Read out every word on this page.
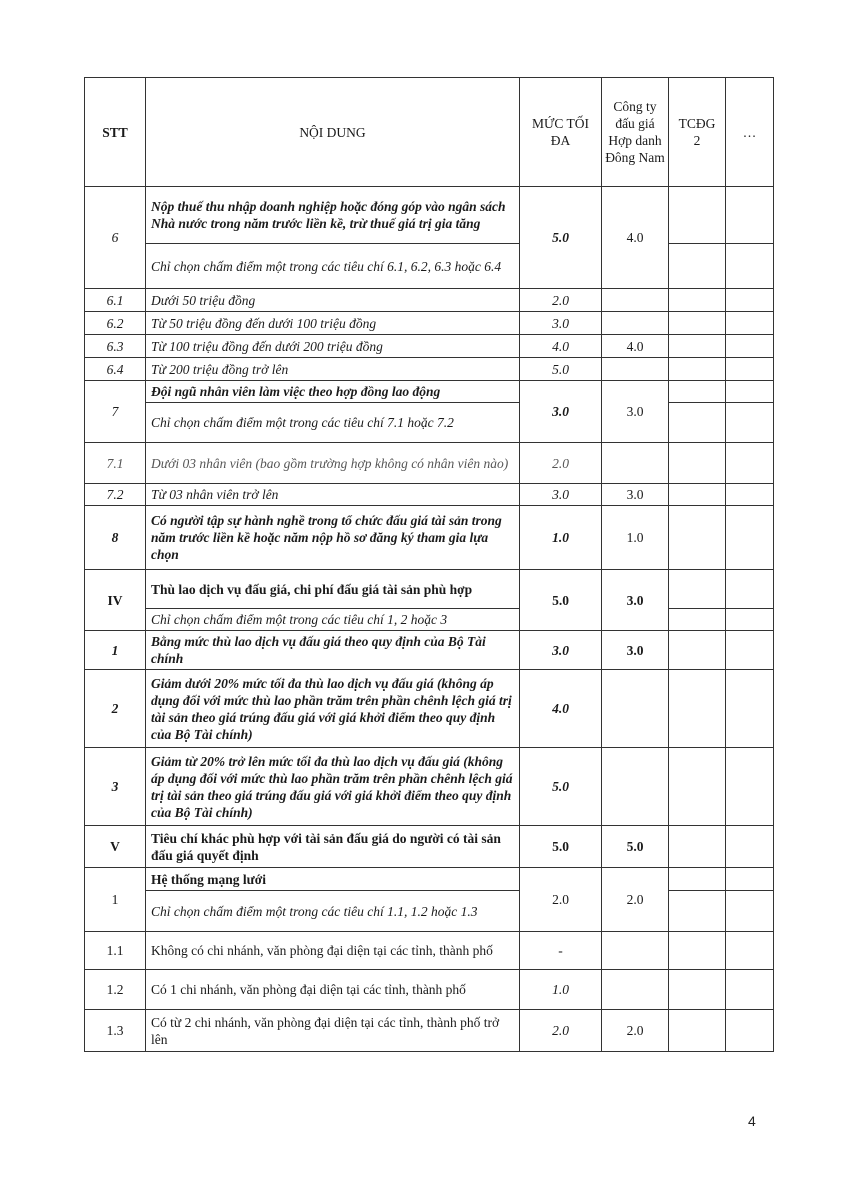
STT	NỘI DUNG	MỨC TỐI ĐA	Công ty đấu giá Hợp danh Đông Nam	TCĐG 2	…
6	Nộp thuế thu nhập doanh nghiệp hoặc đóng góp vào ngân sách Nhà nước trong năm trước liền kề, trừ thuế giá trị gia tăng	5.0	4.0		
	Chỉ chọn chấm điểm một trong các tiêu chí 6.1, 6.2, 6.3 hoặc 6.4				
6.1	Dưới 50 triệu đồng	2.0			
6.2	Từ 50 triệu đồng đến dưới 100 triệu đồng	3.0			
6.3	Từ 100 triệu đồng đến dưới 200 triệu đồng	4.0	4.0		
6.4	Từ 200 triệu đồng trở lên	5.0			
7	Đội ngũ nhân viên làm việc theo hợp đồng lao động	3.0	3.0		
	Chỉ chọn chấm điểm một trong các tiêu chí 7.1 hoặc 7.2				
7.1	Dưới 03 nhân viên (bao gồm trường hợp không có nhân viên nào)	2.0			
7.2	Từ 03 nhân viên trở lên	3.0	3.0		
8	Có người tập sự hành nghề trong tổ chức đấu giá tài sản trong năm trước liền kề hoặc năm nộp hồ sơ đăng ký tham gia lựa chọn	1.0	1.0		
IV	Thù lao dịch vụ đấu giá, chi phí đấu giá tài sản phù hợp	5.0	3.0		
	Chỉ chọn chấm điểm một trong các tiêu chí 1, 2 hoặc 3				
1	Bằng mức thù lao dịch vụ đấu giá theo quy định của Bộ Tài chính	3.0	3.0		
2	Giảm dưới 20% mức tối đa thù lao dịch vụ đấu giá (không áp dụng đối với mức thù lao phần trăm trên phần chênh lệch giá trị tài sản theo giá trúng đấu giá với giá khởi điểm theo quy định của Bộ Tài chính)	4.0			
3	Giảm từ 20% trở lên mức tối đa thù lao dịch vụ đấu giá (không áp dụng đối với mức thù lao phần trăm trên phần chênh lệch giá trị tài sản theo giá trúng đấu giá với giá khởi điểm theo quy định của Bộ Tài chính)	5.0			
V	Tiêu chí khác phù hợp với tài sản đấu giá do người có tài sản đấu giá quyết định	5.0	5.0		
1	Hệ thống mạng lưới	2.0	2.0		
	Chỉ chọn chấm điểm một trong các tiêu chí 1.1, 1.2 hoặc 1.3				
1.1	Không có chi nhánh, văn phòng đại diện tại các tỉnh, thành phố	-			
1.2	Có 1 chi nhánh, văn phòng đại diện tại các tỉnh, thành phố	1.0			
1.3	Có từ 2 chi nhánh, văn phòng đại diện tại các tỉnh, thành phố trở lên	2.0	2.0		
4
